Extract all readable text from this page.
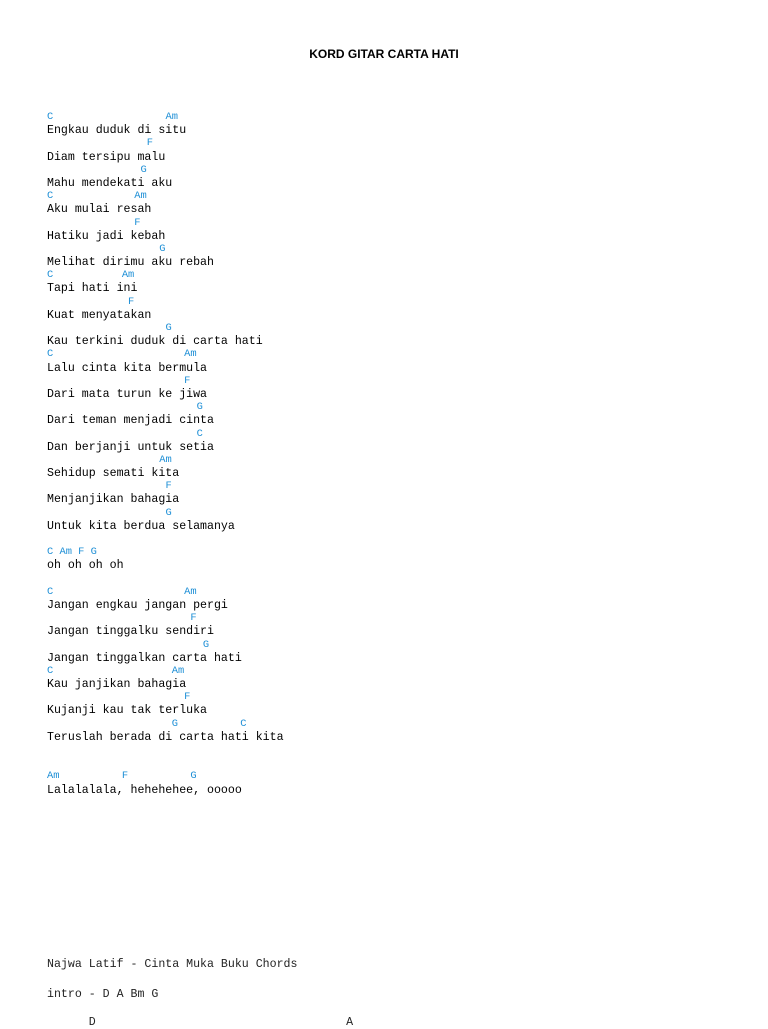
KORD GITAR CARTA HATI
C                  Am
Engkau duduk di situ
F
Diam tersipu malu
G
Mahu mendekati aku
C             Am
Aku mulai resah
F
Hatiku jadi kebah
G
Melihat dirimu aku rebah
C           Am
Tapi hati ini
F
Kuat menyatakan
G
Kau terkini duduk di carta hati
C                     Am
Lalu cinta kita bermula
F
Dari mata turun ke jiwa
G
Dari teman menjadi cinta
C
Dan berjanji untuk setia
Am
Sehidup semati kita
F
Menjanjikan bahagia
G
Untuk kita berdua selamanya
C Am F G
oh oh oh oh
C                     Am
Jangan engkau jangan pergi
F
Jangan tinggalku sendiri
G
Jangan tinggalkan carta hati
C                   Am
Kau janjikan bahagia
F
Kujanji kau tak terluka
G          C
Teruslah berada di carta hati kita
Am          F          G
Lalalalala, hehehehee, ooooo
Najwa Latif - Cinta Muka Buku Chords
intro - D A Bm G
D                                    A
